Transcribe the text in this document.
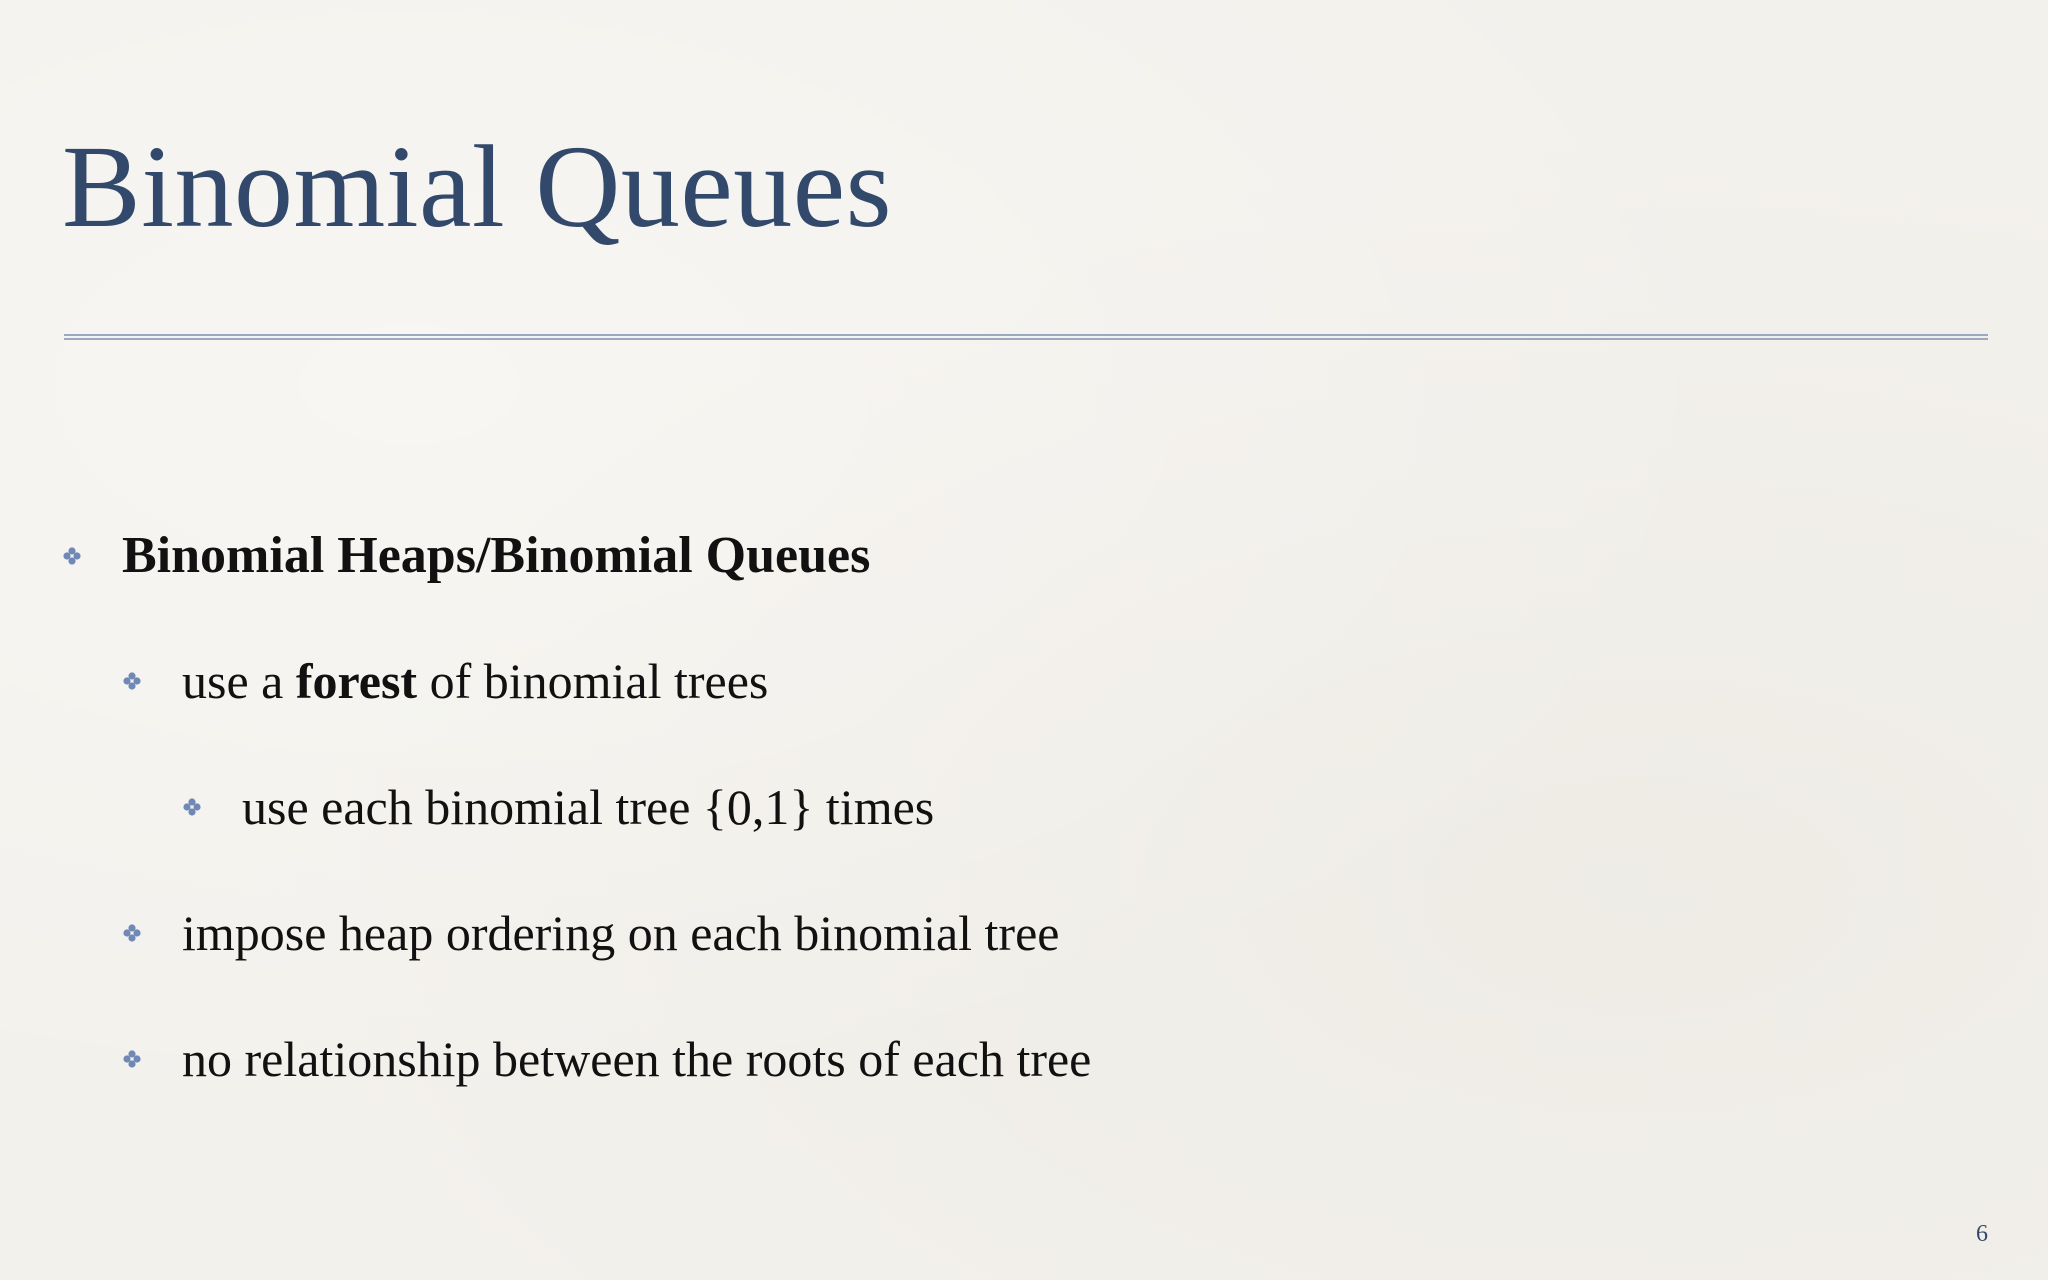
Binomial Queues
Binomial Heaps/Binomial Queues
use a forest of binomial trees
use each binomial tree {0,1} times
impose heap ordering on each binomial tree
no relationship between the roots of each tree
6
